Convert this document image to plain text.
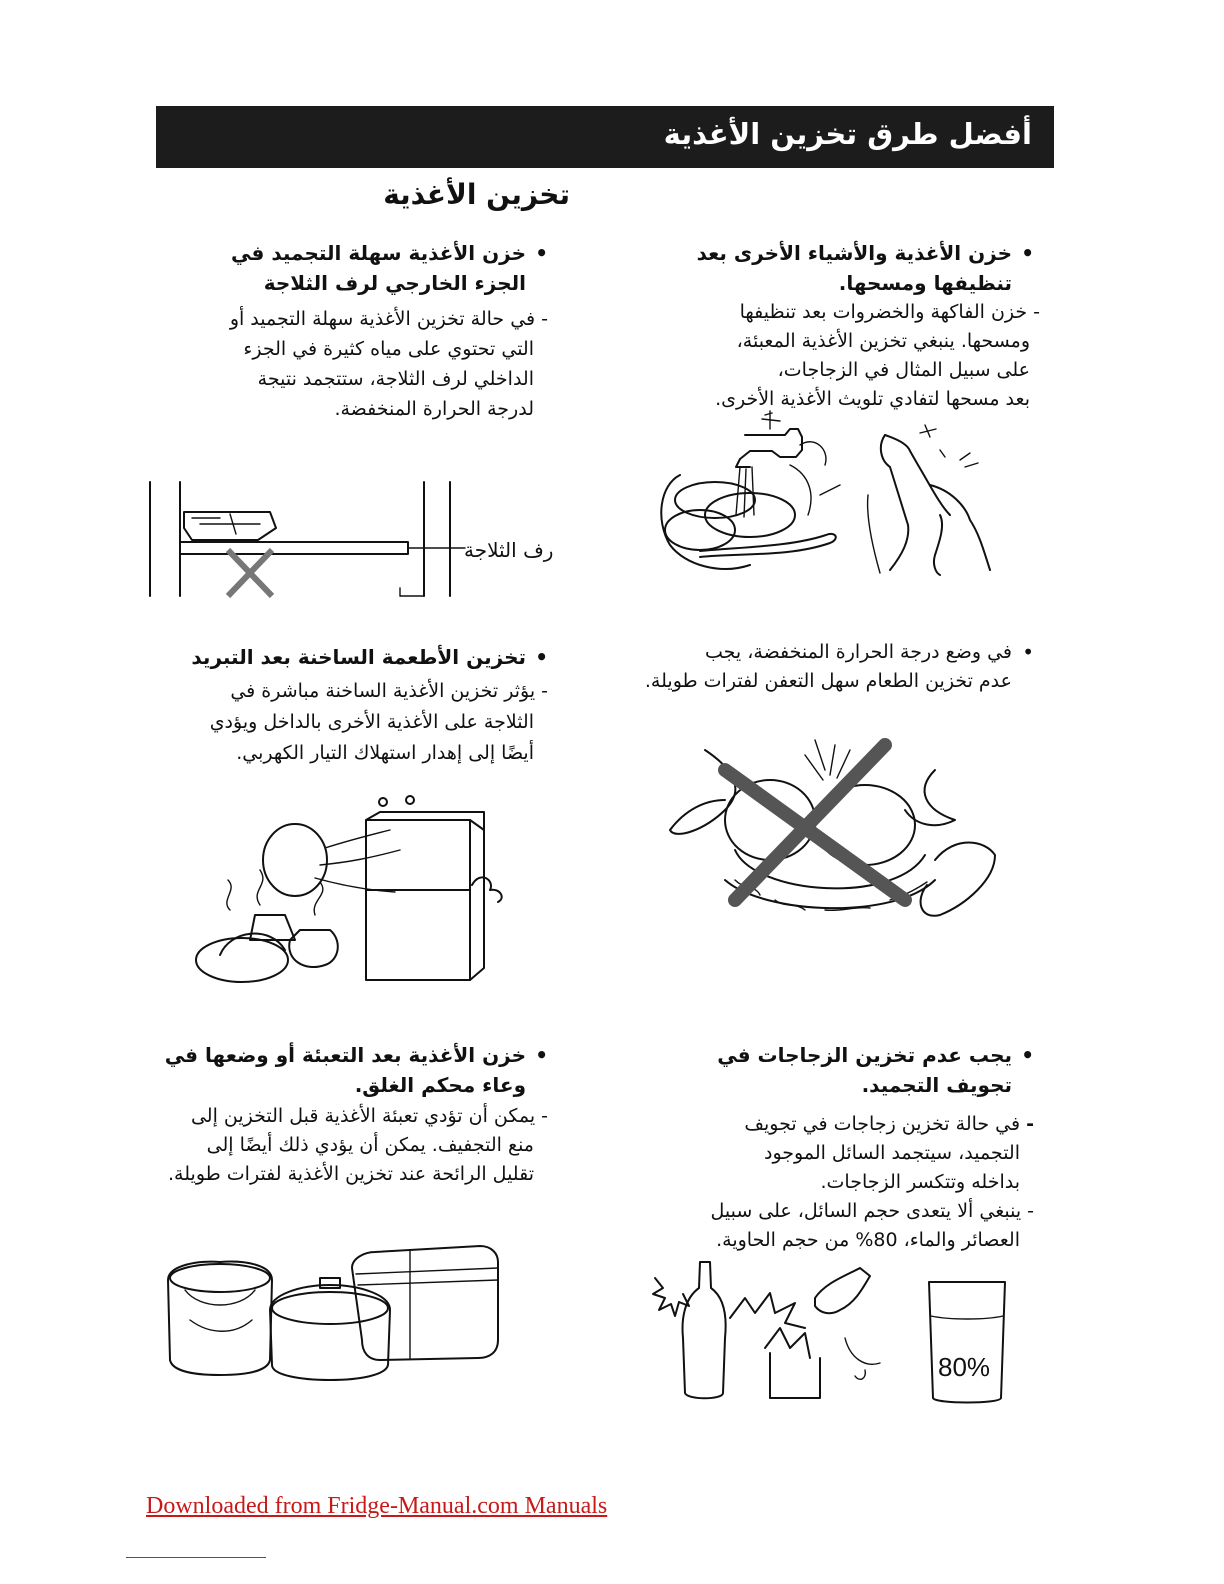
أفضل طرق تخزين الأغذية
تخزين الأغذية
•
خزن الأغذية والأشياء الأخرى بعد
تنظيفها ومسحها.
-خزن الفاكهة والخضروات بعد تنظيفها
ومسحها. ينبغي تخزين الأغذية المعبئة،
على سبيل المثال في الزجاجات،
بعد مسحها لتفادي تلويث الأغذية الأخرى.
•
خزن الأغذية سهلة التجميد في
الجزء الخارجي لرف الثلاجة
-في حالة تخزين الأغذية سهلة التجميد أو
التي تحتوي على مياه كثيرة في الجزء
الداخلي لرف الثلاجة، ستتجمد نتيجة
لدرجة الحرارة المنخفضة.
رف الثلاجة
•
في وضع درجة الحرارة المنخفضة، يجب
عدم تخزين الطعام سهل التعفن لفترات طويلة.
•
تخزين الأطعمة الساخنة بعد التبريد
-يؤثر تخزين الأغذية الساخنة مباشرة في
الثلاجة على الأغذية الأخرى بالداخل ويؤدي
أيضًا إلى إهدار استهلاك التيار الكهربي.
•
يجب عدم تخزين الزجاجات في
تجويف التجميد.
-في حالة تخزين زجاجات في تجويف
التجميد، سيتجمد السائل الموجود
بداخله وتتكسر الزجاجات.
-ينبغي ألا يتعدى حجم السائل، على سبيل
العصائر والماء، 80% من حجم الحاوية.
•
خزن الأغذية بعد التعبئة أو وضعها في
وعاء محكم الغلق.
-يمكن أن تؤدي تعبئة الأغذية قبل التخزين إلى
منع التجفيف. يمكن أن يؤدي ذلك أيضًا إلى
تقليل الرائحة عند تخزين الأغذية لفترات طويلة.
80%
Downloaded from Fridge-Manual.com Manuals
